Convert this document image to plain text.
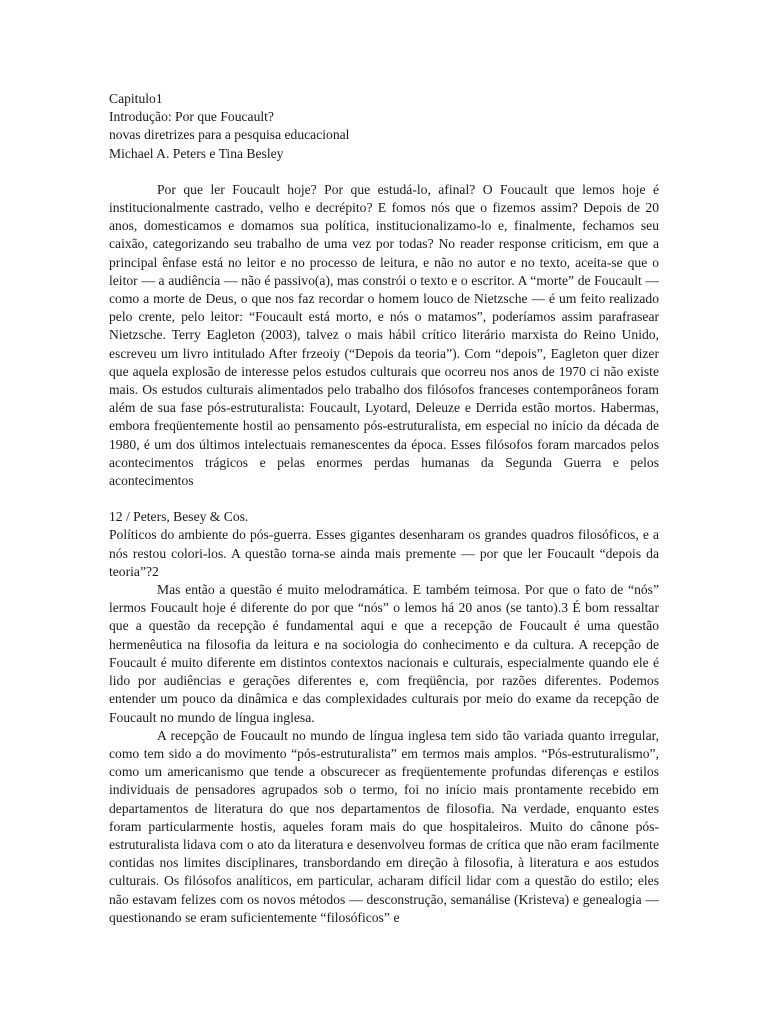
Capitulo1

Introdução: Por que Foucault?

novas diretrizes para a pesquisa educacional

Michael A. Peters e Tina Besley

Por que ler Foucault hoje? Por que estudá-lo, afinal? O Foucault que lemos hoje é institucionalmente castrado, velho e decrépito? E fomos nós que o fizemos assim? Depois de 20 anos, domesticamos e domamos sua política, institucionalizamo-lo e, finalmente, fechamos seu caixão, categorizando seu trabalho de uma vez por todas? No reader response criticism, em que a principal ênfase está no leitor e no processo de leitura, e não no autor e no texto, aceita-se que o leitor — a audiência — não é passivo(a), mas constrói o texto e o escritor. A “morte” de Foucault — como a morte de Deus, o que nos faz recordar o homem louco de Nietzsche — é um feito realizado pelo crente, pelo leitor: “Foucault está morto, e nós o matamos”, poderíamos assim parafrasear Nietzsche. Terry Eagleton (2003), talvez o mais hábil crítico literário marxista do Reino Unido, escreveu um livro intitulado After frzeoiy (“Depois da teoria”). Com “depois”, Eagleton quer dizer que aquela explosão de interesse pelos estudos culturais que ocorreu nos anos de 1970 ci não existe mais. Os estudos culturais alimentados pelo trabalho dos filósofos franceses contemporâneos foram além de sua fase pós-estruturalista: Foucault, Lyotard, Deleuze e Derrida estão mortos. Habermas, embora freqüentemente hostil ao pensamento pós-estruturalista, em especial no início da década de 1980, é um dos últimos intelectuais remanescentes da época. Esses filósofos foram marcados pelos acontecimentos trágicos e pelas enormes perdas humanas da Segunda Guerra e pelos acontecimentos

12 / Peters, Besey & Cos.

Políticos do ambiente do pós-guerra. Esses gigantes desenharam os grandes quadros filosóficos, e a nós restou colori-los. A questão torna-se ainda mais premente — por que ler Foucault “depois da teoria”?2

Mas então a questão é muito melodramática. E também teimosa. Por que o fato de “nós” lermos Foucault hoje é diferente do por que “nós” o lemos há 20 anos (se tanto).3 É bom ressaltar que a questão da recepção é fundamental aqui e que a recepção de Foucault é uma questão hermenêutica na filosofia da leitura e na sociologia do conhecimento e da cultura. A recepção de Foucault é muito diferente em distintos contextos nacionais e culturais, especialmente quando ele é lido por audiências e gerações diferentes e, com freqüência, por razões diferentes. Podemos entender um pouco da dinâmica e das complexidades culturais por meio do exame da recepção de Foucault no mundo de língua inglesa.

A recepção de Foucault no mundo de língua inglesa tem sido tão variada quanto irregular, como tem sido a do movimento “pós-estruturalista” em termos mais amplos. “Pós-estruturalismo”, como um americanismo que tende a obscurecer as freqüentemente profundas diferenças e estilos individuais de pensadores agrupados sob o termo, foi no início mais prontamente recebido em departamentos de literatura do que nos departamentos de filosofia. Na verdade, enquanto estes foram particularmente hostis, aqueles foram mais do que hospitaleiros. Muito do cânone pós-estruturalista lidava com o ato da literatura e desenvolveu formas de crítica que não eram facilmente contidas nos limites disciplinares, transbordando em direção à filosofia, à literatura e aos estudos culturais. Os filósofos analíticos, em particular, acharam difícil lidar com a questão do estilo; eles não estavam felizes com os novos métodos — desconstrução, semanálise (Kristeva) e genealogia — questionando se eram suficientemente “filosóficos” e
